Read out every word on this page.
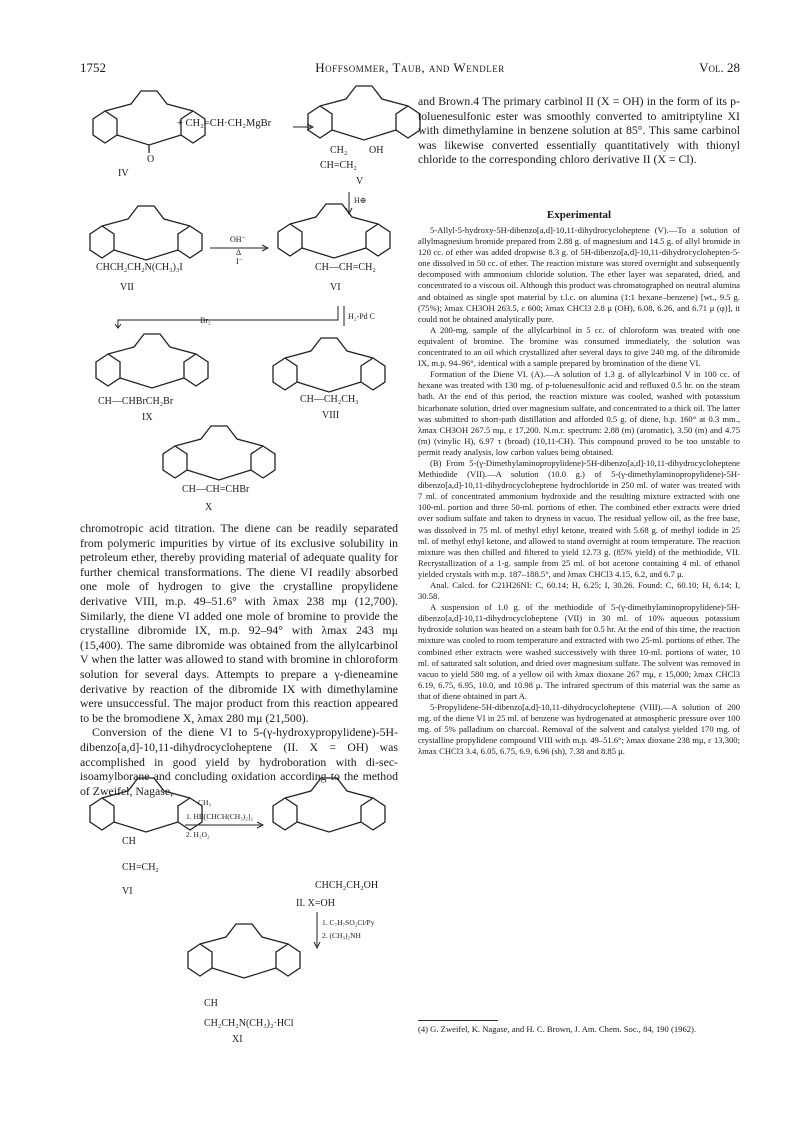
1752	Hoffsommer, Taub, and Wendler	Vol. 28
O
IV
+ CH₂=CH·CH₂MgBr
CH₂ OH
CH=CH₂
V
H⊕
CHCH₂CH₂N(CH₃)₃I
VII
OH⁻
Δ
I⁻
CH—CH=CH₂
VI
Br₂	H₂-Pd C
CH—CHBrCH₂Br
IX
CH—CH₂CH₃
VIII
CH—CH=CHBr
X

chromotropic acid titration. The diene can be readily separated from polymeric impurities by virtue of its exclusive solubility in petroleum ether, thereby providing material of adequate quality for further chemical transformations. The diene VI readily absorbed one mole of hydrogen to give the crystalline propylidene derivative VIII, m.p. 49–51.6° with λmax 238 mμ (12,700). Similarly, the diene VI added one mole of bromine to provide the crystalline dibromide IX, m.p. 92–94° with λmax 243 mμ (15,400). The same dibromide was obtained from the allylcarbinol V when the latter was allowed to stand with bromine in chloroform solution for several days. Attempts to prepare a γ-dieneamine derivative by reaction of the dibromide IX with dimethylamine were unsuccessful. The major product from this reaction appeared to be the bromodiene X, λmax 280 mμ (21,500).

Conversion of the diene VI to 5-(γ-hydroxypropylidene)-5H-dibenzo[a,d]-10,11-dihydrocycloheptene (II. X = OH) was accomplished in good yield by hydroboration with di-sec-isoamylborane and concluding oxidation according to the method of Zweifel, Nagase,

CH
CH=CH₂
VI
CH₃
1. HB[CHCH(CH₃)₂]₂
2. H₂O₂
CHCH₂CH₂OH
II. X=OH
1. C₇H₇SO₂Cl/Py
2. (CH₃)₂NH
CH
CH₂CH₂N(CH₃)₂·HCl
XI

and Brown.4 The primary carbinol II (X = OH) in the form of its p-toluenesulfonic ester was smoothly converted to amitriptyline XI with dimethylamine in benzene solution at 85°. This same carbinol was likewise converted essentially quantitatively with thionyl chloride to the corresponding chloro derivative II (X = Cl).

Experimental

5-Allyl-5-hydroxy-5H-dibenzo[a,d]-10,11-dihydrocycloheptene (V).—To a solution of allylmagnesium bromide prepared from 2.88 g. of magnesium and 14.5 g. of allyl bromide in 120 cc. of ether was added dropwise 8.3 g. of 5H-dibenzo[a,d]-10,11-dihydrocyclohepten-5-one dissolved in 50 cc. of ether. The reaction mixture was stored overnight and subsequently decomposed with ammonium chloride solution. The ether layer was separated, dried, and concentrated to a viscous oil. Although this product was chromatographed on neutral alumina and obtained as single spot material by t.l.c. on alumina (1:1 hexane–benzene) [wt., 9.5 g. (75%); λmax CH3OH 263.5, ε 600; λmax CHCl3 2.8 μ (OH), 6.08, 6.26, and 6.71 μ (φ)], it could not be obtained analytically pure.

A 200-mg. sample of the allylcarbinol in 5 cc. of chloroform was treated with one equivalent of bromine. The bromine was consumed immediately, the solution was concentrated to an oil which crystallized after several days to give 240 mg. of the dibromide IX, m.p. 94–96°, identical with a sample prepared by bromination of the diene VI.

Formation of the Diene VI. (A).—A solution of 1.3 g. of allylcarbinol V in 100 cc. of hexane was treated with 130 mg. of p-toluenesulfonic acid and refluxed 0.5 hr. on the steam bath. At the end of this period, the reaction mixture was cooled, washed with potassium bicarbonate solution, dried over magnesium sulfate, and concentrated to a thick oil. The latter was submitted to short-path distillation and afforded 0.5 g. of diene, b.p. 160° at 0.3 mm., λmax CH3OH 267.5 mμ, ε 17,200. N.m.r. spectrum: 2.88 (m) (aromatic), 3.50 (m) and 4.75 (m) (vinylic H), 6.97 τ (broad) (10,11-CH). This compound proved to be too unstable to permit ready analysis, low carbon values being obtained.

(B) From 5-(γ-Dimethylaminopropylidene)-5H-dibenzo[a,d]-10,11-dihydrocycloheptene Methiodide (VII).—A solution (10.0 g.) of 5-(γ-dimethylaminopropylidene)-5H-dibenzo[a,d]-10,11-dihydrocycloheptene hydrochloride in 250 ml. of water was treated with 7 ml. of concentrated ammonium hydroxide and the resulting mixture extracted with one 100-ml. portion and three 50-ml. portions of ether. The combined ether extracts were dried over sodium sulfate and taken to dryness in vacuo. The residual yellow oil, as the free base, was dissolved in 75 ml. of methyl ethyl ketone, treated with 5.68 g. of methyl iodide in 25 ml. of methyl ethyl ketone, and allowed to stand overnight at room temperature. The reaction mixture was then chilled and filtered to yield 12.73 g. (85% yield) of the methiodide, VII. Recrystallization of a 1-g. sample from 25 ml. of hot acetone containing 4 ml. of ethanol yielded crystals with m.p. 187–188.5°, and λmax CHCl3 4.15, 6.2, and 6.7 μ.

Anal. Calcd. for C21H26NI: C, 60.14; H, 6.25; I, 30.26. Found: C, 60.10; H, 6.14; I, 30.58.

A suspension of 1.0 g. of the methiodide of 5-(γ-dimethylaminopropylidene)-5H-dibenzo[a,d]-10,11-dihydrocycloheptene (VII) in 30 ml. of 10% aqueous potassium hydroxide solution was heated on a steam bath for 0.5 hr. At the end of this time, the reaction mixture was cooled to room temperature and extracted with two 25-ml. portions of ether. The combined ether extracts were washed successively with three 10-ml. portions of water, 10 ml. of saturated salt solution, and dried over magnesium sulfate. The solvent was removed in vacuo to yield 580 mg. of a yellow oil with λmax dioxane 267 mμ, ε 15,000; λmax CHCl3 6.19, 6.75, 6.95, 10.0, and 10.98 μ. The infrared spectrum of this material was the same as that of diene obtained in part A.

5-Propylidene-5H-dibenzo[a,d]-10,11-dihydrocycloheptene (VIII).—A solution of 200 mg. of the diene VI in 25 ml. of benzene was hydrogenated at atmospheric pressure over 100 mg. of 5% palladium on charcoal. Removal of the solvent and catalyst yielded 170 mg. of crystalline propylidene compound VIII with m.p. 49–51.6°; λmax dioxane 238 mμ, ε 13,300; λmax CHCl3 3.4, 6.05, 6.75, 6.9, 6.96 (sh), 7.38 and 8.85 μ.

(4) G. Zweifel, K. Nagase, and H. C. Brown, J. Am. Chem. Soc., 84, 190 (1962).
